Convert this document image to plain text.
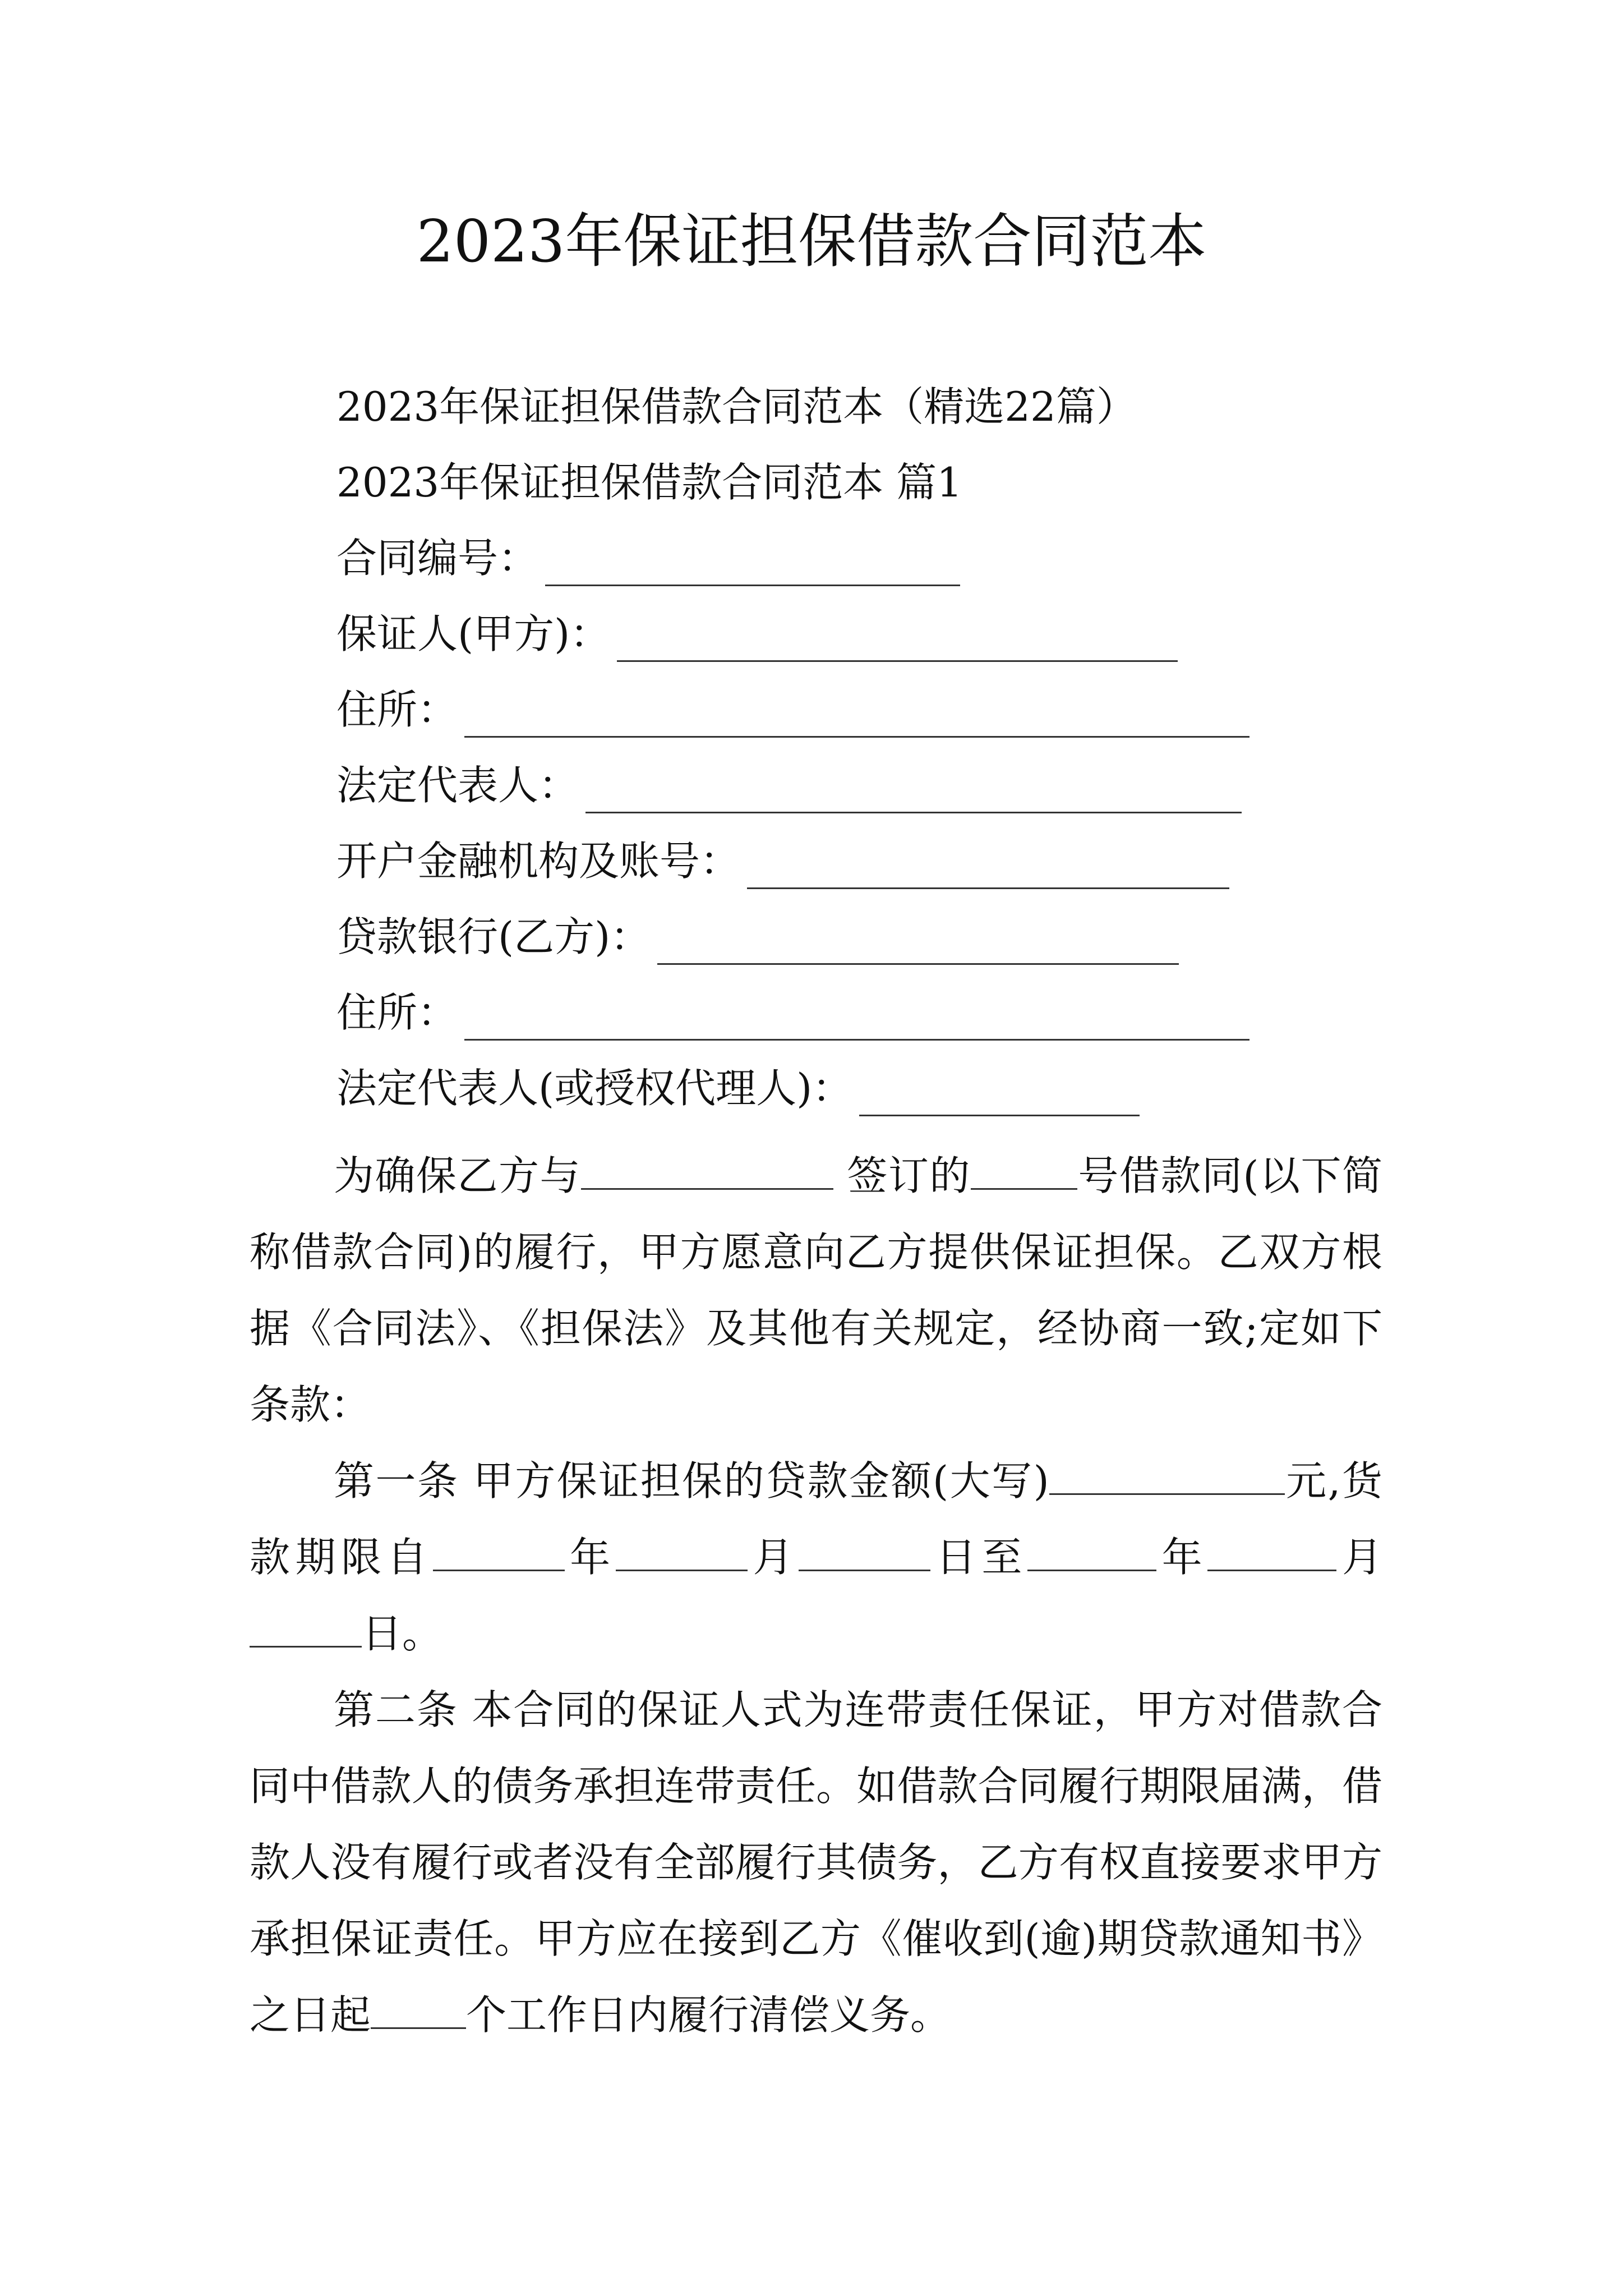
2023年保证担保借款合同范本
2023年保证担保借款合同范本（精选22篇）
2023年保证担保借款合同范本 篇1
合同编号：
保证人(甲方)：
住所：
法定代表人：
开户金融机构及账号：
贷款银行(乙方)：
住所：
法定代表人(或授权代理人)：

为确保乙方与	签订的	号借款同(以下简称借款合同)的履行，甲方愿意向乙方提供保证担保。乙双方根据《合同法》、《担保法》及其他有关规定，经协商一致;定如下条款：

第一条 甲方保证担保的贷款金额(大写)	元,货款期限自	年	月	日至	年	月日。

第二条 本合同的保证人式为连带责任保证，甲方对借款合同中借款人的债务承担连带责任。如借款合同履行期限届满，借款人没有履行或者没有全部履行其债务，乙方有权直接要求甲方承担保证责任。甲方应在接到乙方《催收到(逾)期贷款通知书》之日起 个工作日内履行清偿义务。
